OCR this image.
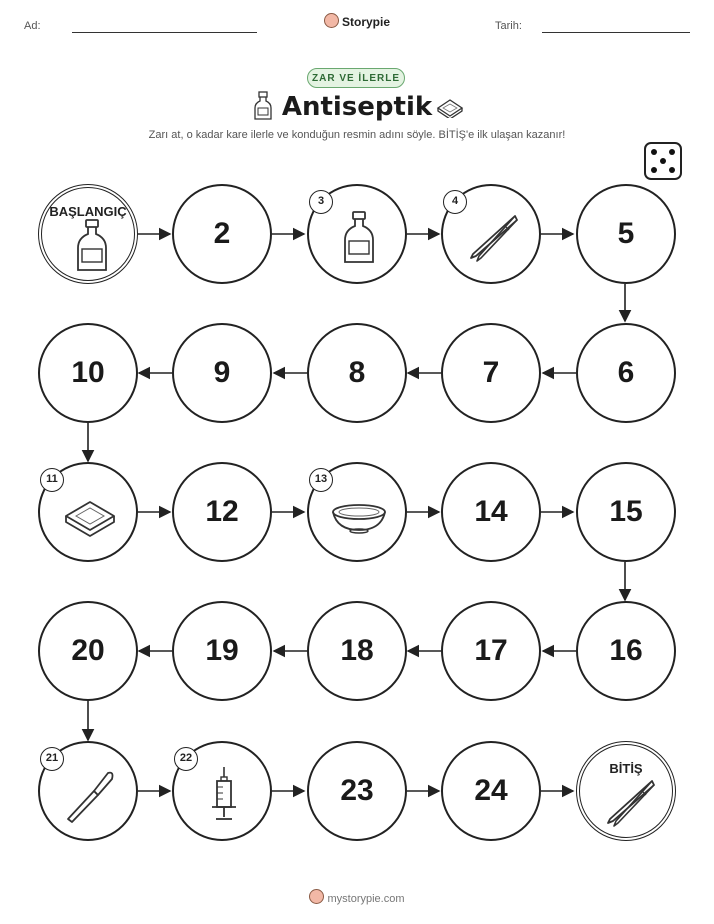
Ad:	Storypie	Tarih:
ZAR VE İLERLE
Antiseptik
Zarı at, o kadar kare ilerle ve konduğun resmin adını söyle. BİTİŞ'e ilk ulaşan kazanır!
BAŞLANGIÇ
2
3	4
5
6
7
8
9
10
11
12
13
14	15
16
17
18
19
20
21	22
23	24
BİTİŞ
mystorypie.com
